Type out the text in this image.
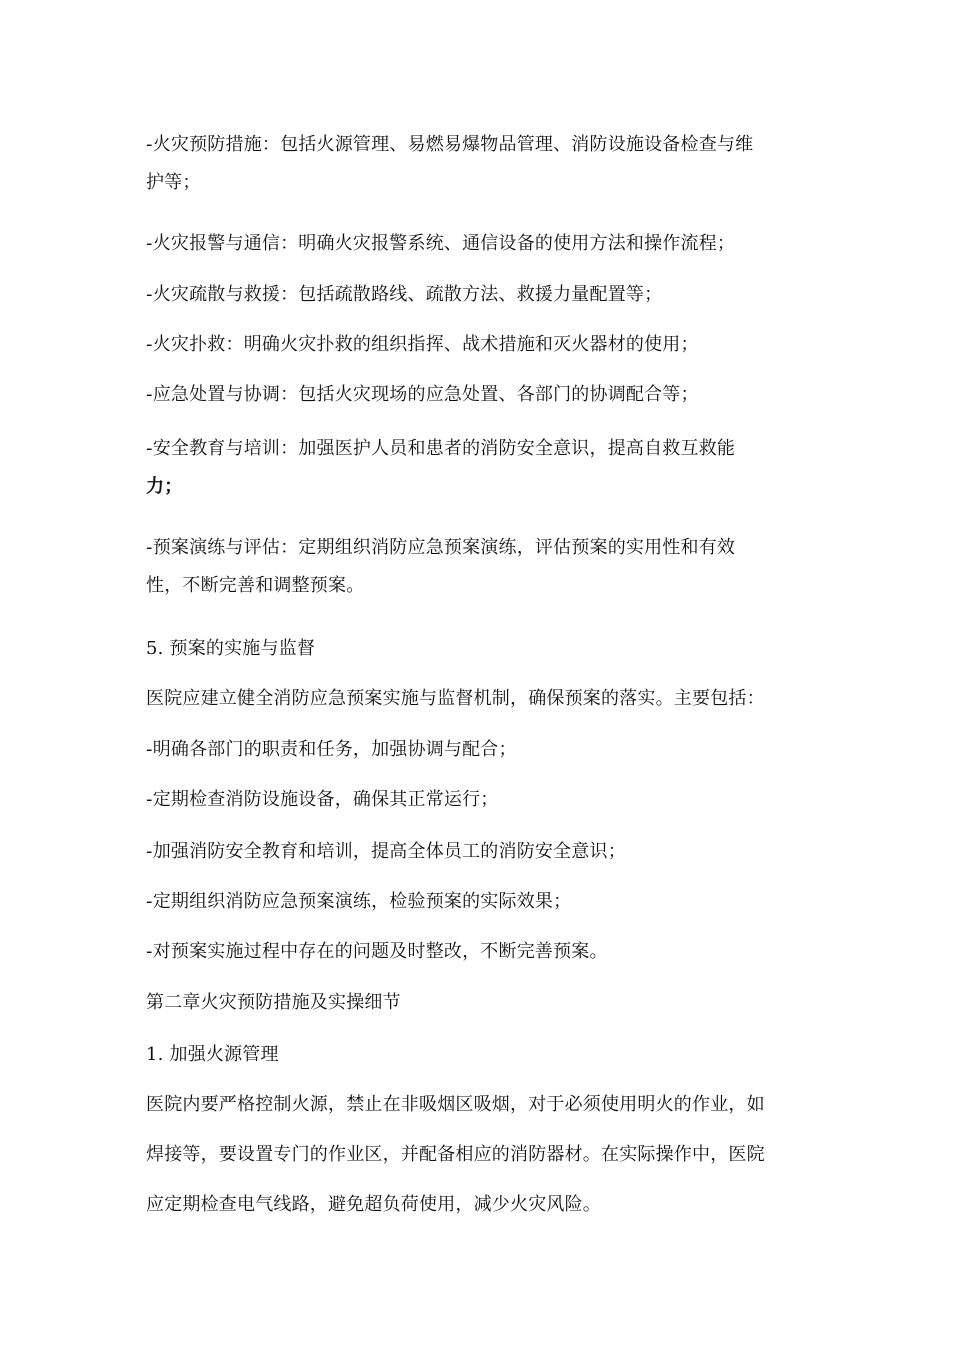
-火灾预防措施：包括火源管理、易燃易爆物品管理、消防设施设备检查与维
护等；
-火灾报警与通信：明确火灾报警系统、通信设备的使用方法和操作流程；
-火灾疏散与救援：包括疏散路线、疏散方法、救援力量配置等；
-火灾扑救：明确火灾扑救的组织指挥、战术措施和灭火器材的使用；
-应急处置与协调：包括火灾现场的应急处置、各部门的协调配合等；
-安全教育与培训：加强医护人员和患者的消防安全意识，提高自救互救能
力；
-预案演练与评估：定期组织消防应急预案演练，评估预案的实用性和有效
性，不断完善和调整预案。
5. 预案的实施与监督
医院应建立健全消防应急预案实施与监督机制，确保预案的落实。主要包括：
-明确各部门的职责和任务，加强协调与配合；
-定期检查消防设施设备，确保其正常运行；
-加强消防安全教育和培训，提高全体员工的消防安全意识；
-定期组织消防应急预案演练，检验预案的实际效果；
-对预案实施过程中存在的问题及时整改，不断完善预案。
第二章火灾预防措施及实操细节
1. 加强火源管理
医院内要严格控制火源，禁止在非吸烟区吸烟，对于必须使用明火的作业，如
焊接等，要设置专门的作业区，并配备相应的消防器材。在实际操作中，医院
应定期检查电气线路，避免超负荷使用，减少火灾风险。
